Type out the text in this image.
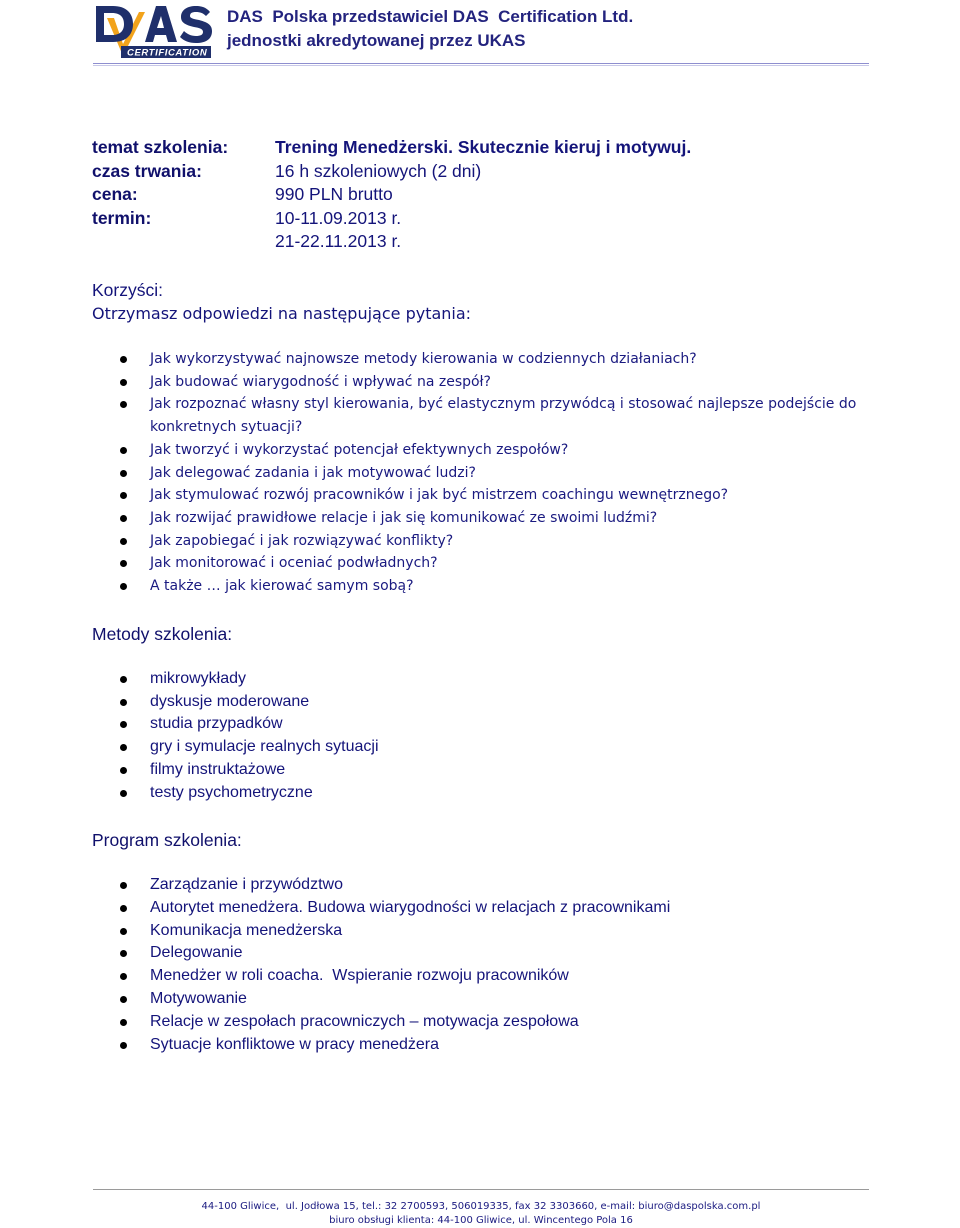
CERTIFICATION
DAS  Polska przedstawiciel DAS  Certification Ltd.
jednostki akredytowanej przez UKAS
temat szkolenia:	Trening Menedżerski. Skutecznie kieruj i motywuj.
czas trwania:	16 h szkoleniowych (2 dni)
cena:	990 PLN brutto
termin:	10-11.09.2013 r.
21-22.11.2013 r.
Korzyści:
Otrzymasz odpowiedzi na następujące pytania:
Jak wykorzystywać najnowsze metody kierowania w codziennych działaniach?
Jak budować wiarygodność i wpływać na zespół?
Jak rozpoznać własny styl kierowania, być elastycznym przywódcą i stosować najlepsze podejście do konkretnych sytuacji?
Jak tworzyć i wykorzystać potencjał efektywnych zespołów?
Jak delegować zadania i jak motywować ludzi?
Jak stymulować rozwój pracowników i jak być mistrzem coachingu wewnętrznego?
Jak rozwijać prawidłowe relacje i jak się komunikować ze swoimi ludźmi?
Jak zapobiegać i jak rozwiązywać konflikty?
Jak monitorować i oceniać podwładnych?
A także … jak kierować samym sobą?
Metody szkolenia:
mikrowykłady
dyskusje moderowane
studia przypadków
gry i symulacje realnych sytuacji
filmy instruktażowe
testy psychometryczne
Program szkolenia:
Zarządzanie i przywództwo
Autorytet menedżera. Budowa wiarygodności w relacjach z pracownikami
Komunikacja menedżerska
Delegowanie
Menedżer w roli coacha.  Wspieranie rozwoju pracowników
Motywowanie
Relacje w zespołach pracowniczych – motywacja zespołowa
Sytuacje konfliktowe w pracy menedżera
44-100 Gliwice,  ul. Jodłowa 15, tel.: 32 2700593, 506019335, fax 32 3303660, e-mail: biuro@daspolska.com.pl
biuro obsługi klienta: 44-100 Gliwice, ul. Wincentego Pola 16
